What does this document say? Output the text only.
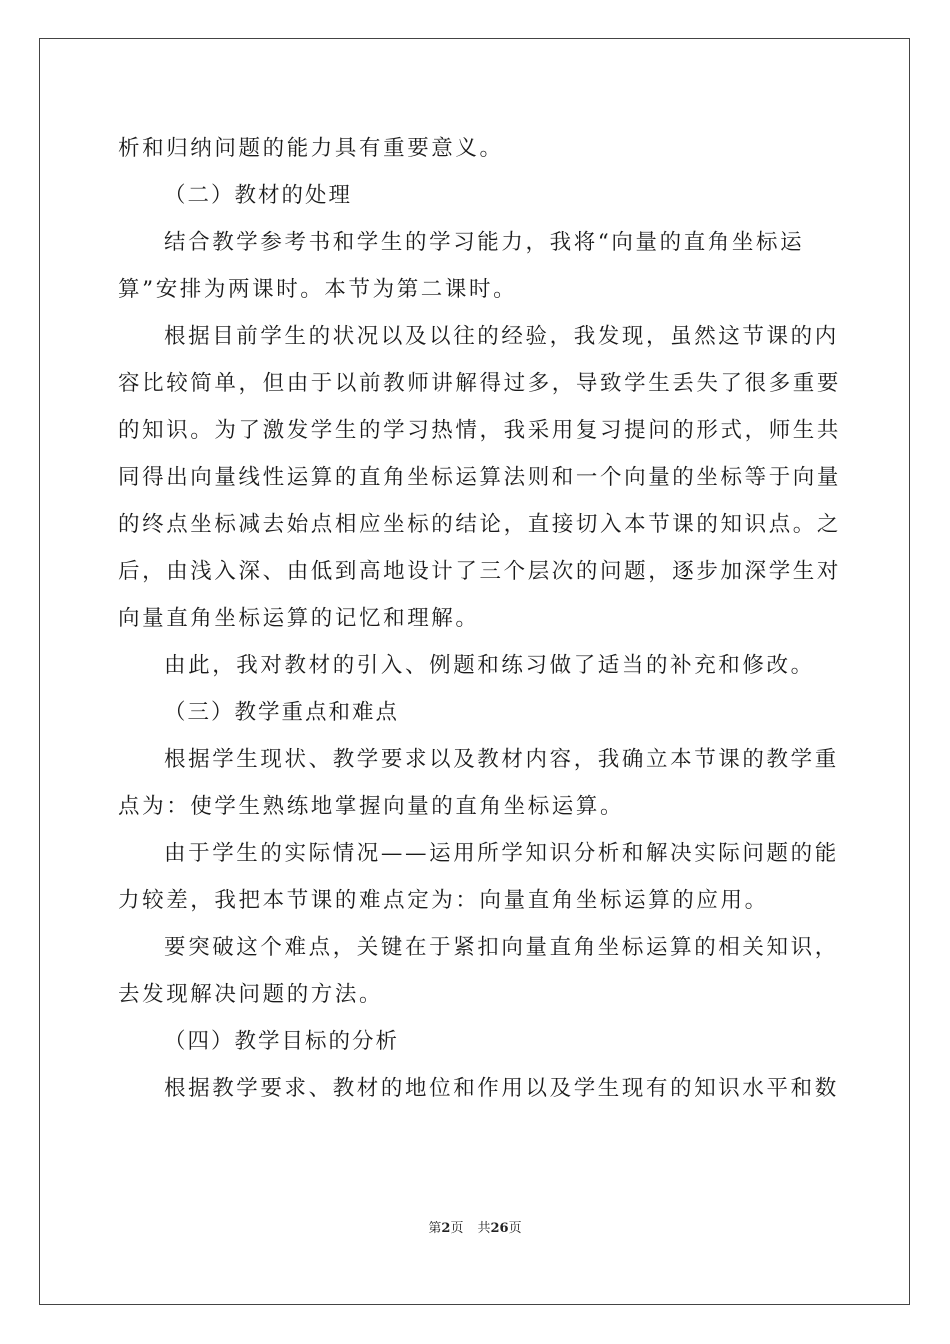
析和归纳问题的能力具有重要意义。
（二）教材的处理
结合教学参考书和学生的学习能力，我将“向量的直角坐标运
算”安排为两课时。本节为第二课时。
根据目前学生的状况以及以往的经验，我发现，虽然这节课的内
容比较简单，但由于以前教师讲解得过多，导致学生丢失了很多重要
的知识。为了激发学生的学习热情，我采用复习提问的形式，师生共
同得出向量线性运算的直角坐标运算法则和一个向量的坐标等于向量
的终点坐标减去始点相应坐标的结论，直接切入本节课的知识点。之
后，由浅入深、由低到高地设计了三个层次的问题，逐步加深学生对
向量直角坐标运算的记忆和理解。
由此，我对教材的引入、例题和练习做了适当的补充和修改。
（三）教学重点和难点
根据学生现状、教学要求以及教材内容，我确立本节课的教学重
点为：使学生熟练地掌握向量的直角坐标运算。
由于学生的实际情况——运用所学知识分析和解决实际问题的能
力较差，我把本节课的难点定为：向量直角坐标运算的应用。
要突破这个难点，关键在于紧扣向量直角坐标运算的相关知识，
去发现解决问题的方法。
（四）教学目标的分析
根据教学要求、教材的地位和作用以及学生现有的知识水平和数
第2页 共26页
